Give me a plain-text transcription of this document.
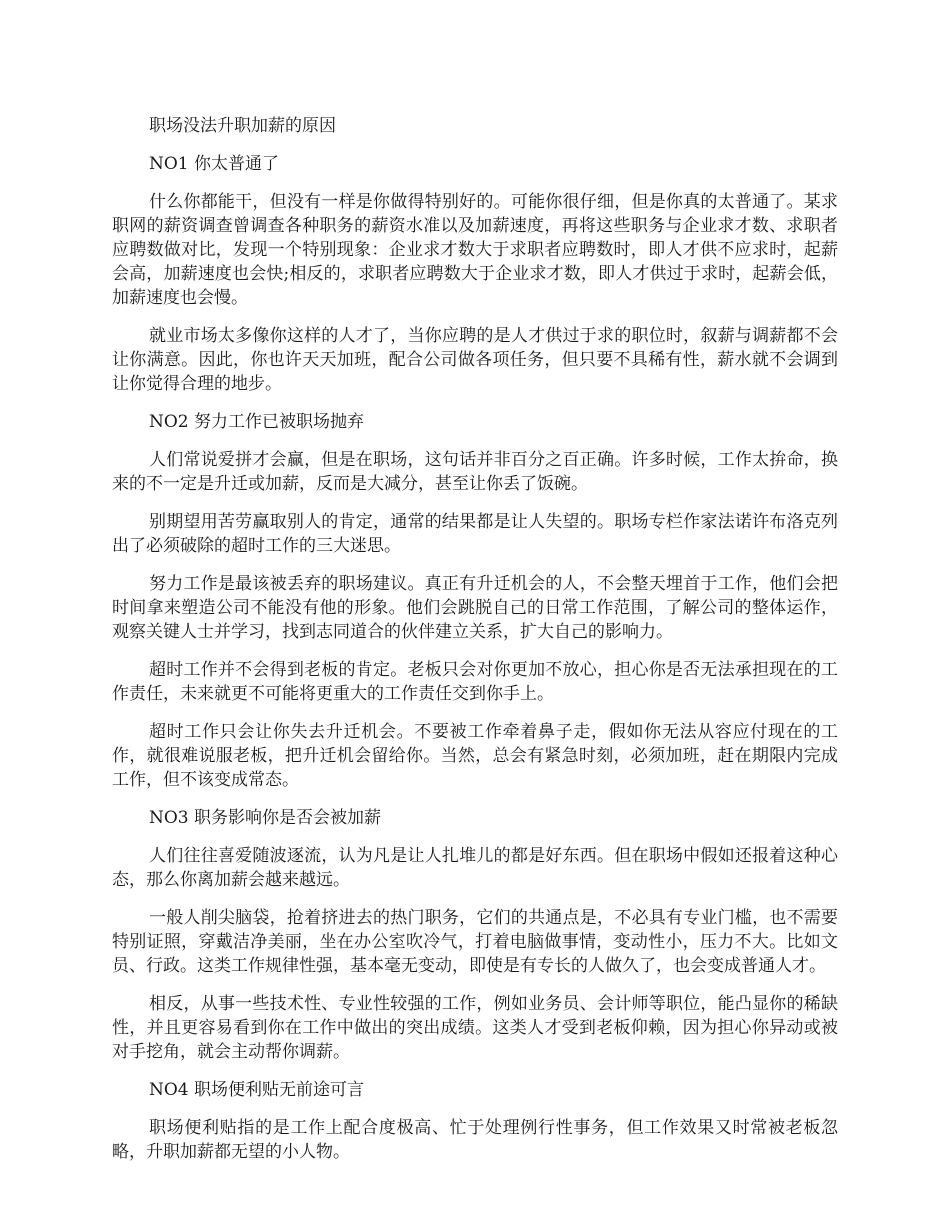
职场没法升职加薪的原因

NO1 你太普通了

什么你都能干，但没有一样是你做得特别好的。可能你很仔细，但是你真的太普通了。某求职网的薪资调查曾调查各种职务的薪资水准以及加薪速度，再将这些职务与企业求才数、求职者应聘数做对比，发现一个特别现象：企业求才数大于求职者应聘数时，即人才供不应求时，起薪会高，加薪速度也会快;相反的，求职者应聘数大于企业求才数，即人才供过于求时，起薪会低，加薪速度也会慢。

就业市场太多像你这样的人才了，当你应聘的是人才供过于求的职位时，叙薪与调薪都不会让你满意。因此，你也许天天加班，配合公司做各项任务，但只要不具稀有性，薪水就不会调到让你觉得合理的地步。

NO2 努力工作已被职场抛弃

人们常说爱拼才会赢，但是在职场，这句话并非百分之百正确。许多时候，工作太拚命，换来的不一定是升迁或加薪，反而是大减分，甚至让你丢了饭碗。

别期望用苦劳赢取别人的肯定，通常的结果都是让人失望的。职场专栏作家法诺许布洛克列出了必须破除的超时工作的三大迷思。

努力工作是最该被丢弃的职场建议。真正有升迁机会的人，不会整天埋首于工作，他们会把时间拿来塑造公司不能没有他的形象。他们会跳脱自己的日常工作范围，了解公司的整体运作，观察关键人士并学习，找到志同道合的伙伴建立关系，扩大自己的影响力。

超时工作并不会得到老板的肯定。老板只会对你更加不放心，担心你是否无法承担现在的工作责任，未来就更不可能将更重大的工作责任交到你手上。

超时工作只会让你失去升迁机会。不要被工作牵着鼻子走，假如你无法从容应付现在的工作，就很难说服老板，把升迁机会留给你。当然，总会有紧急时刻，必须加班，赶在期限内完成工作，但不该变成常态。

NO3 职务影响你是否会被加薪

人们往往喜爱随波逐流，认为凡是让人扎堆儿的都是好东西。但在职场中假如还报着这种心态，那么你离加薪会越来越远。

一般人削尖脑袋，抢着挤进去的热门职务，它们的共通点是，不必具有专业门槛，也不需要特别证照，穿戴洁净美丽，坐在办公室吹冷气，打着电脑做事情，变动性小，压力不大。比如文员、行政。这类工作规律性强，基本毫无变动，即使是有专长的人做久了，也会变成普通人才。

相反，从事一些技术性、专业性较强的工作，例如业务员、会计师等职位，能凸显你的稀缺性，并且更容易看到你在工作中做出的突出成绩。这类人才受到老板仰赖，因为担心你异动或被对手挖角，就会主动帮你调薪。

NO4 职场便利贴无前途可言

职场便利贴指的是工作上配合度极高、忙于处理例行性事务，但工作效果又时常被老板忽略，升职加薪都无望的小人物。
